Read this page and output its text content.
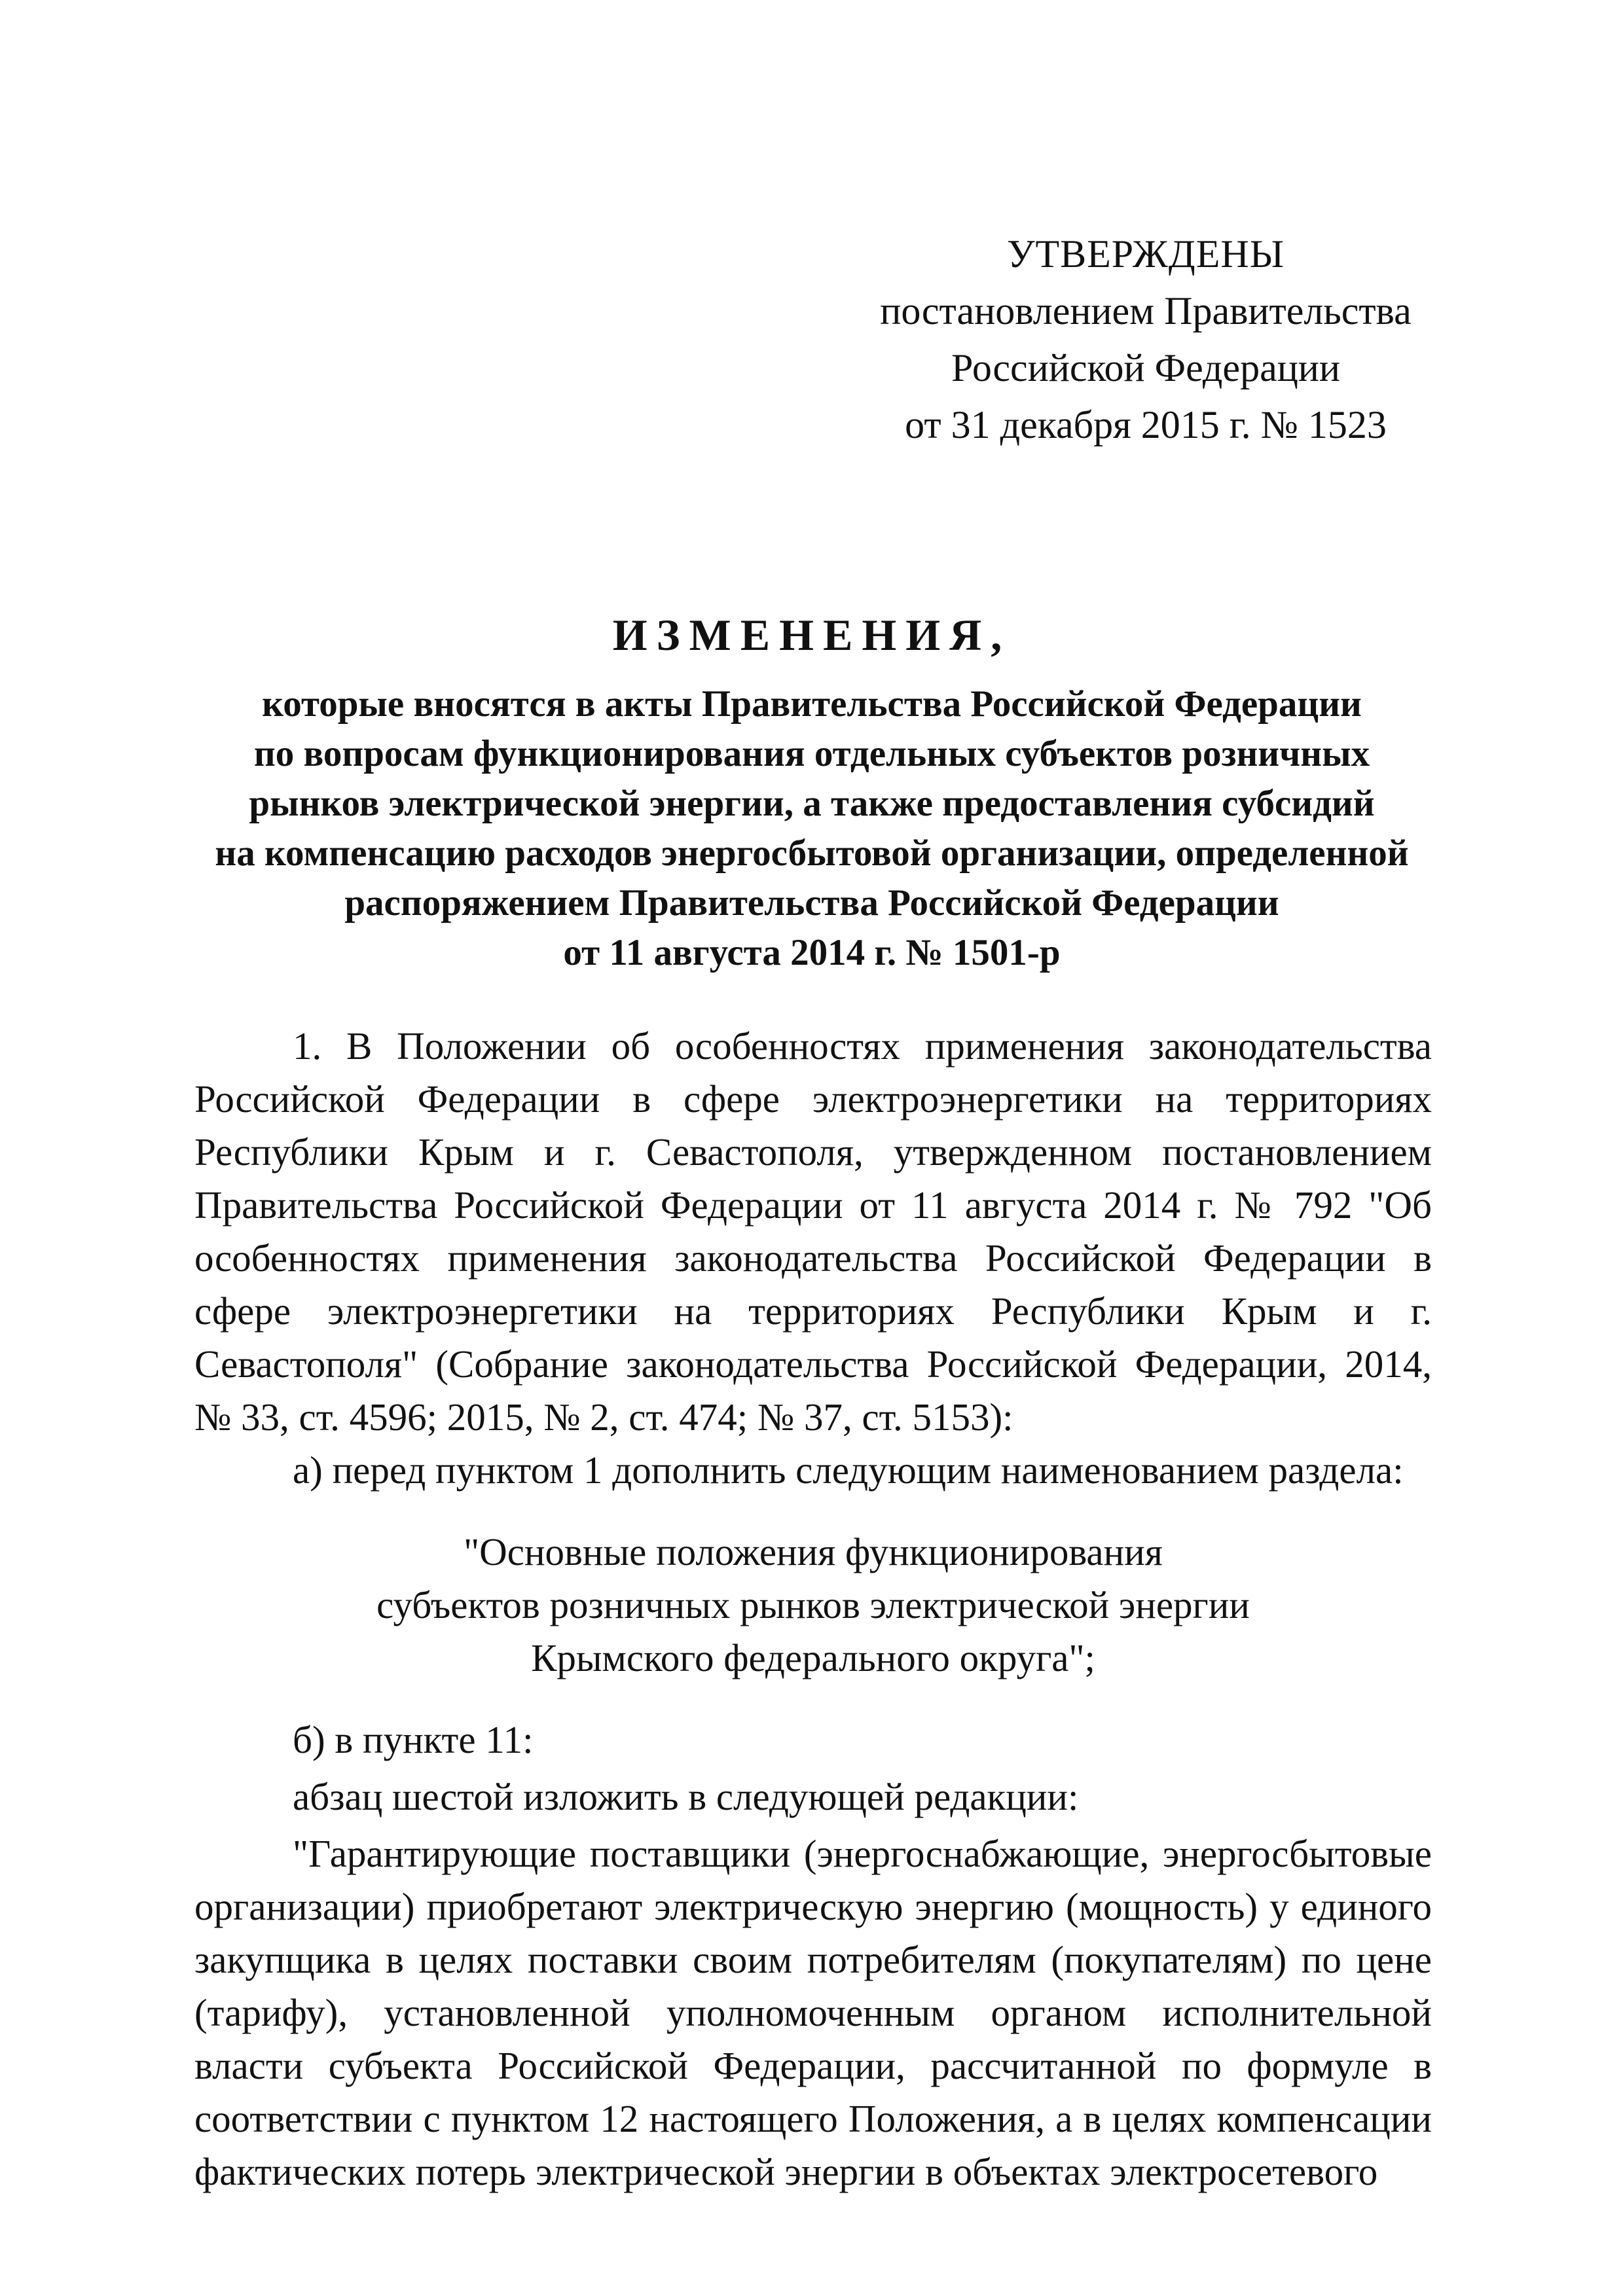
УТВЕРЖДЕНЫ
постановлением Правительства
Российской Федерации
от 31 декабря 2015 г. № 1523
ИЗМЕНЕНИЯ,
которые вносятся в акты Правительства Российской Федерации
по вопросам функционирования отдельных субъектов розничных
рынков электрической энергии, а также предоставления субсидий
на компенсацию расходов энергосбытовой организации, определенной
распоряжением Правительства Российской Федерации
от 11 августа 2014 г. № 1501-р

1. В Положении об особенностях применения законодательства Российской Федерации в сфере электроэнергетики на территориях Республики Крым и г. Севастополя, утвержденном постановлением Правительства Российской Федерации от 11 августа 2014 г. № 792 "Об особенностях применения законодательства Российской Федерации в сфере электроэнергетики на территориях Республики Крым и г. Севастополя" (Собрание законодательства Российской Федерации, 2014, № 33, ст. 4596; 2015, № 2, ст. 474; № 37, ст. 5153):

а) перед пунктом 1 дополнить следующим наименованием раздела:

"Основные положения функционирования
субъектов розничных рынков электрической энергии
Крымского федерального округа";

б) в пункте 11:

абзац шестой изложить в следующей редакции:

"Гарантирующие поставщики (энергоснабжающие, энергосбытовые организации) приобретают электрическую энергию (мощность) у единого закупщика в целях поставки своим потребителям (покупателям) по цене (тарифу), установленной уполномоченным органом исполнительной власти субъекта Российской Федерации, рассчитанной по формуле в соответствии с пунктом 12 настоящего Положения, а в целях компенсации фактических потерь электрической энергии в объектах электросетевого
